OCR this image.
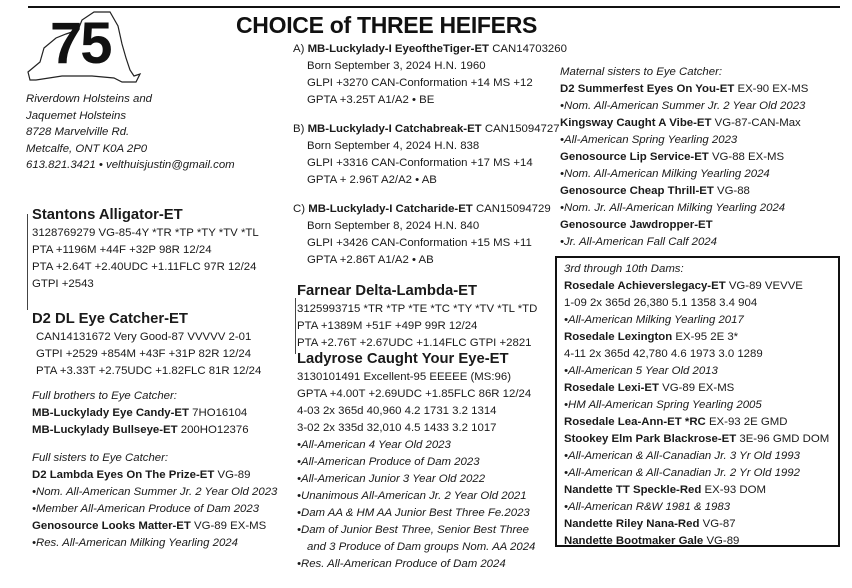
75	CHOICE of THREE HEIFERS
Riverdown Holsteins and
Jaquemet Holsteins
8728 Marvelville Rd.
Metcalfe, ONT K0A 2P0
613.821.3421 • velthuisjustin@gmail.com
A) MB-Luckylady-I EyeoftheTiger-ET CAN14703260
Born September 3, 2024 H.N. 1960
GLPI +3270 CAN-Conformation +14 MS +12
GPTA +3.25T A1/A2 • BE
B) MB-Luckylady-I Catchabreak-ET CAN15094727
Born September 4, 2024 H.N. 838
GLPI +3316 CAN-Conformation +17 MS +14
GPTA + 2.96T A2/A2 • AB
C) MB-Luckylady-I Catcharide-ET CAN15094729
Born September 8, 2024 H.N. 840
GLPI +3426 CAN-Conformation +15 MS +11
GPTA +2.86T A1/A2 • AB
Stantons Alligator-ET
3128769279 VG-85-4Y *TR *TP *TY *TV *TL
PTA +1196M +44F +32P 98R 12/24
PTA +2.64T +2.40UDC +1.11FLC 97R 12/24
GTPI +2543
D2 DL Eye Catcher-ET
CAN14131672 Very Good-87 VVVVV 2-01
GTPI +2529 +854M +43F +31P 82R 12/24
PTA +3.33T +2.75UDC +1.82FLC 81R 12/24
Full brothers to Eye Catcher:
MB-Luckylady Eye Candy-ET 7HO16104
MB-Luckylady Bullseye-ET 200HO12376
Full sisters to Eye Catcher:
D2 Lambda Eyes On The Prize-ET VG-89
•Nom. All-American Summer Jr. 2 Year Old 2023
•Member All-American Produce of Dam 2023
Genosource Looks Matter-ET VG-89 EX-MS
•Res. All-American Milking Yearling 2024
Farnear Delta-Lambda-ET
3125993715 *TR *TP *TE *TC *TY *TV *TL *TD
PTA +1389M +51F +49P 99R 12/24
PTA +2.76T +2.67UDC +1.14FLC GTPI +2821
Ladyrose Caught Your Eye-ET
3130101491 Excellent-95 EEEEE (MS:96)
GPTA +4.00T +2.69UDC +1.85FLC 86R 12/24
4-03 2x 365d 40,960 4.2 1731 3.2 1314
3-02 2x 335d 32,010 4.5 1433 3.2 1017
•All-American 4 Year Old 2023
•All-American Produce of Dam 2023
•All-American Junior 3 Year Old 2022
•Unanimous All-American Jr. 2 Year Old 2021
•Dam AA & HM AA Junior Best Three Fe.2023
•Dam of Junior Best Three, Senior Best Three
and 3 Produce of Dam groups Nom. AA 2024
•Res. All-American Produce of Dam 2024
Maternal sisters to Eye Catcher:
D2 Summerfest Eyes On You-ET EX-90 EX-MS
•Nom. All-American Summer Jr. 2 Year Old 2023
Kingsway Caught A Vibe-ET VG-87-CAN-Max
•All-American Spring Yearling 2023
Genosource Lip Service-ET VG-88 EX-MS
•Nom. All-American Milking Yearling 2024
Genosource Cheap Thrill-ET VG-88
•Nom. Jr. All-American Milking Yearling 2024
Genosource Jawdropper-ET
•Jr. All-American Fall Calf 2024
3rd through 10th Dams:
Rosedale Achieverslegacy-ET VG-89 VEVVE
1-09 2x 365d 26,380 5.1 1358 3.4 904
•All-American Milking Yearling 2017
Rosedale Lexington EX-95 2E 3*
4-11 2x 365d 42,780 4.6 1973 3.0 1289
•All-American 5 Year Old 2013
Rosedale Lexi-ET VG-89 EX-MS
•HM All-American Spring Yearling 2005
Rosedale Lea-Ann-ET *RC EX-93 2E GMD
Stookey Elm Park Blackrose-ET 3E-96 GMD DOM
•All-American & All-Canadian Jr. 3 Yr Old 1993
•All-American & All-Canadian Jr. 2 Yr Old 1992
Nandette TT Speckle-Red EX-93 DOM
•All-American R&W 1981 & 1983
Nandette Riley Nana-Red VG-87
Nandette Bootmaker Gale VG-89
